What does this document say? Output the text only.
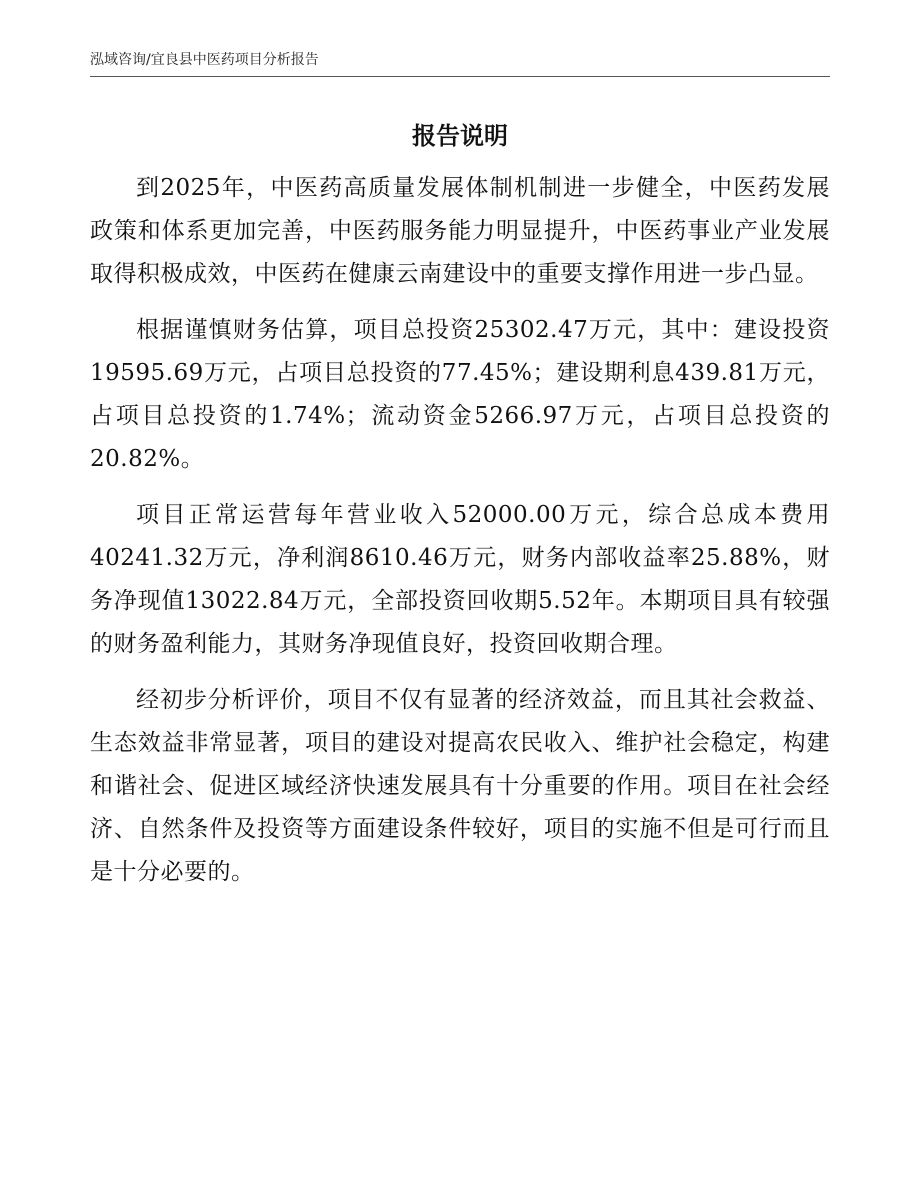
泓域咨询/宜良县中医药项目分析报告
报告说明

到2025年，中医药高质量发展体制机制进一步健全，中医药发展政策和体系更加完善，中医药服务能力明显提升，中医药事业产业发展取得积极成效，中医药在健康云南建设中的重要支撑作用进一步凸显。

根据谨慎财务估算，项目总投资25302.47万元，其中：建设投资19595.69万元，占项目总投资的77.45%；建设期利息439.81万元，占项目总投资的1.74%；流动资金5266.97万元，占项目总投资的20.82%。

项目正常运营每年营业收入52000.00万元，综合总成本费用40241.32万元，净利润8610.46万元，财务内部收益率25.88%，财务净现值13022.84万元，全部投资回收期5.52年。本期项目具有较强的财务盈利能力，其财务净现值良好，投资回收期合理。

经初步分析评价，项目不仅有显著的经济效益，而且其社会救益、生态效益非常显著，项目的建设对提高农民收入、维护社会稳定，构建和谐社会、促进区域经济快速发展具有十分重要的作用。项目在社会经济、自然条件及投资等方面建设条件较好，项目的实施不但是可行而且是十分必要的。
